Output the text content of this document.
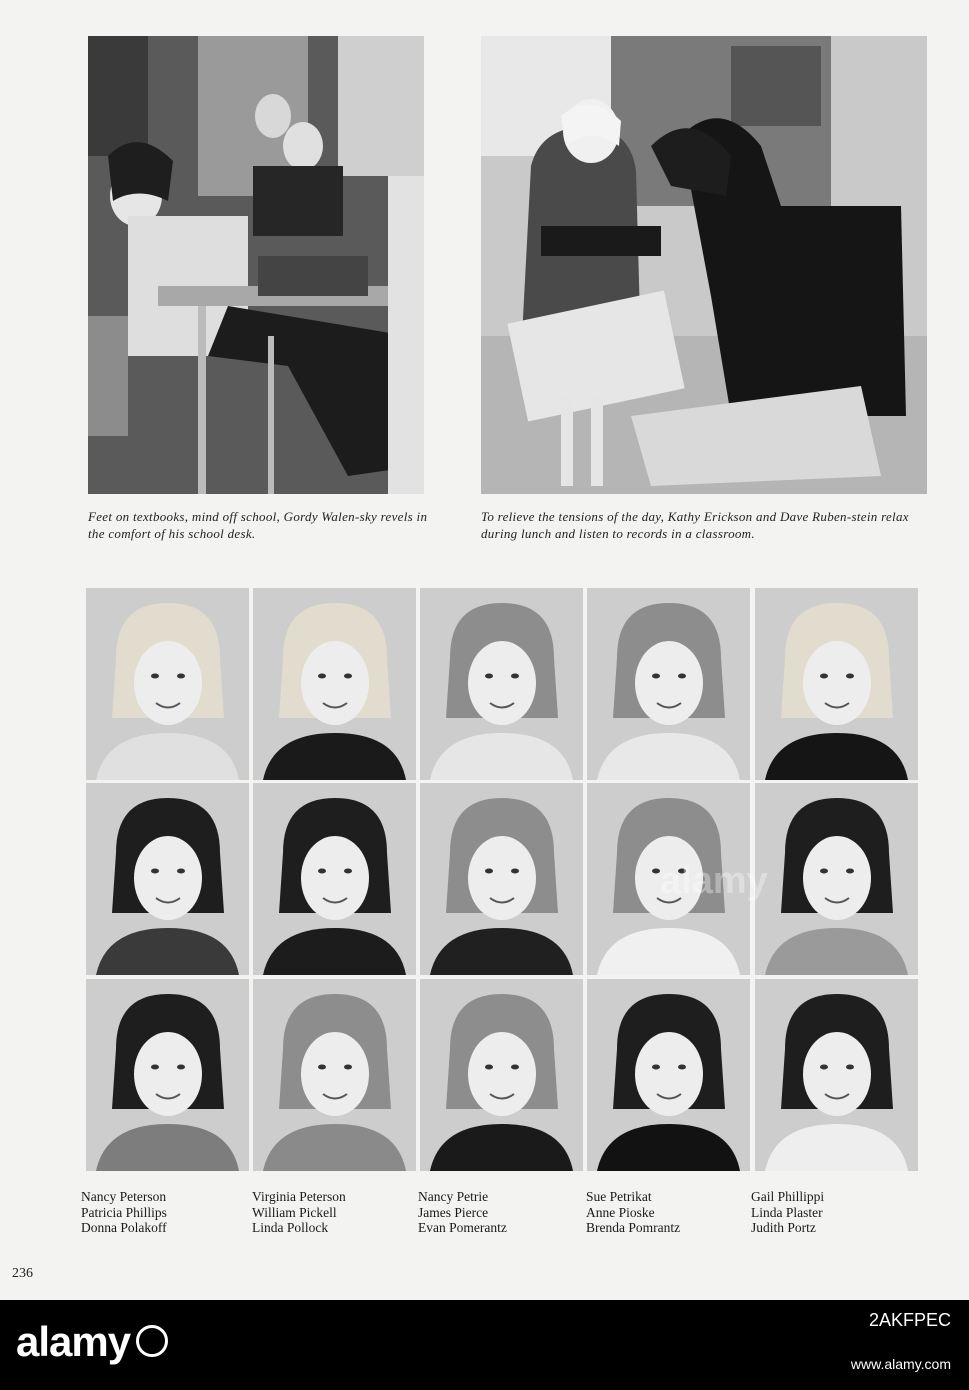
Feet on textbooks, mind off school, Gordy Walen-sky revels in the comfort of his school desk.
To relieve the tensions of the day, Kathy Erickson and Dave Ruben-stein relax during lunch and listen to records in a classroom.
Nancy Peterson
Patricia Phillips
Donna Polakoff
Virginia Peterson
William Pickell
Linda Pollock
Nancy Petrie
James Pierce
Evan Pomerantz
Sue Petrikat
Anne Pioske
Brenda Pomrantz
Gail Phillippi
Linda Plaster
Judith Portz
236
alamy
alamy	2AKFPEC
www.alamy.com
